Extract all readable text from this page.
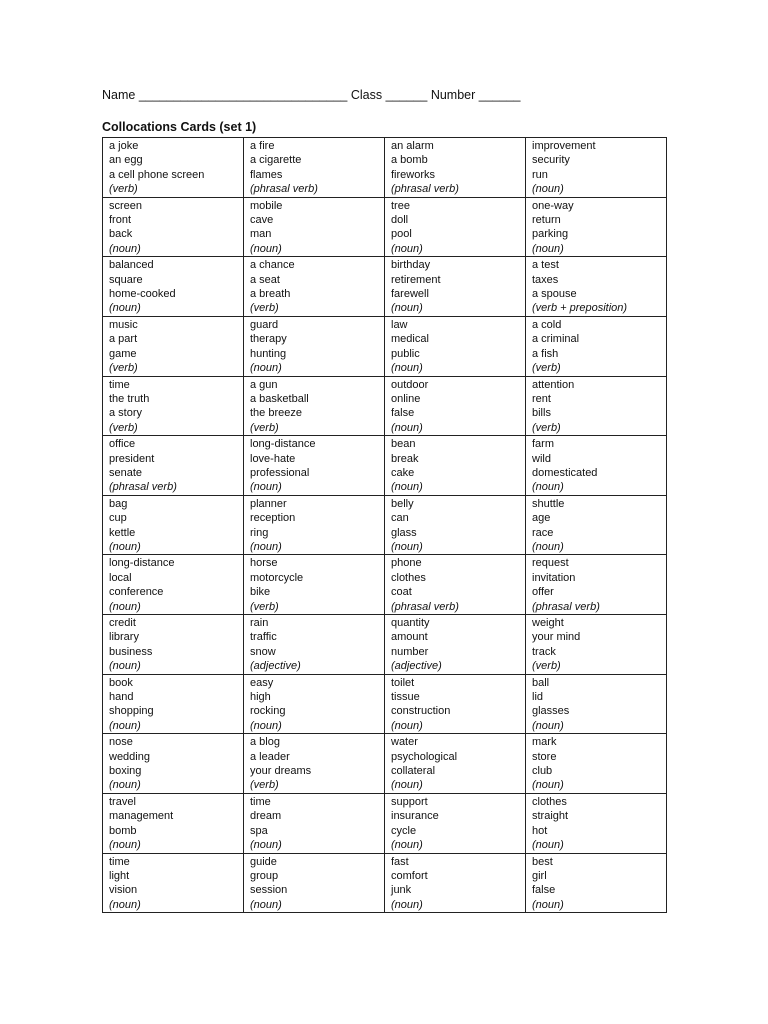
Name ______________________________ Class ______ Number ______
Collocations Cards (set 1)
a joke
an egg
a cell phone screen
(verb)	a fire
a cigarette
flames
(phrasal verb)	an alarm
a bomb
fireworks
(phrasal verb)	improvement
security
run
(noun)

screen
front
back
(noun)	mobile
cave
man
(noun)	tree
doll
pool
(noun)	one-way
return
parking
(noun)

balanced
square
home-cooked
(noun)	a chance
a seat
a breath
(verb)	birthday
retirement
farewell
(noun)	a test
taxes
a spouse
(verb + preposition)

music
a part
game
(verb)	guard
therapy
hunting
(noun)	law
medical
public
(noun)	a cold
a criminal
a fish
(verb)

time
the truth
a story
(verb)	a gun
a basketball
the breeze
(verb)	outdoor
online
false
(noun)	attention
rent
bills
(verb)

office
president
senate
(phrasal verb)	long-distance
love-hate
professional
(noun)	bean
break
cake
(noun)	farm
wild
domesticated
(noun)

bag
cup
kettle
(noun)	planner
reception
ring
(noun)	belly
can
glass
(noun)	shuttle
age
race
(noun)

long-distance
local
conference
(noun)	horse
motorcycle
bike
(verb)	phone
clothes
coat
(phrasal verb)	request
invitation
offer
(phrasal verb)

credit
library
business
(noun)	rain
traffic
snow
(adjective)	quantity
amount
number
(adjective)	weight
your mind
track
(verb)

book
hand
shopping
(noun)	easy
high
rocking
(noun)	toilet
tissue
construction
(noun)	ball
lid
glasses
(noun)

nose
wedding
boxing
(noun)	a blog
a leader
your dreams
(verb)	water
psychological
collateral
(noun)	mark
store
club
(noun)

travel
management
bomb
(noun)	time
dream
spa
(noun)	support
insurance
cycle
(noun)	clothes
straight
hot
(noun)

time
light
vision
(noun)	guide
group
session
(noun)	fast
comfort
junk
(noun)	best
girl
false
(noun)
